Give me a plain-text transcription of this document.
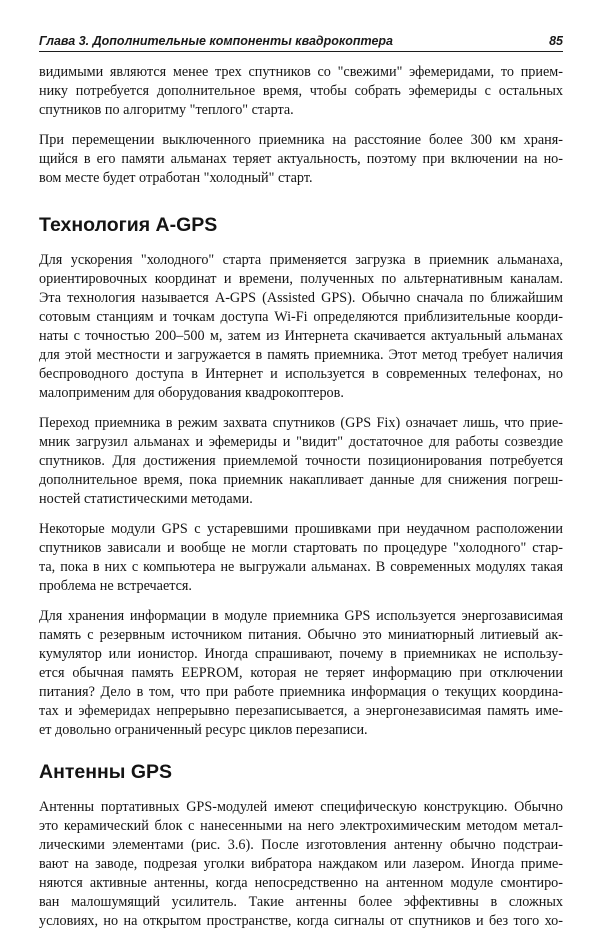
Глава 3. Дополнительные компоненты квадрокоптера	85

видимыми являются менее трех спутников со "свежими" эфемеридами, то прием-
нику потребуется дополнительное время, чтобы собрать эфемериды с остальных
спутников по алгоритму "теплого" старта.

При перемещении выключенного приемника на расстояние более 300 км храня-
щийся в его памяти альманах теряет актуальность, поэтому при включении на но-
вом месте будет отработан "холодный" старт.

Технология A-GPS

Для ускорения "холодного" старта применяется загрузка в приемник альманаха,
ориентировочных координат и времени, полученных по альтернативным каналам.
Эта технология называется A-GPS (Assisted GPS). Обычно сначала по ближайшим
сотовым станциям и точкам доступа Wi-Fi определяются приблизительные коорди-
наты с точностью 200–500 м, затем из Интернета скачивается актуальный альманах
для этой местности и загружается в память приемника. Этот метод требует наличия
беспроводного доступа в Интернет и используется в современных телефонах, но
малоприменим для оборудования квадрокоптеров.

Переход приемника в режим захвата спутников (GPS Fix) означает лишь, что прие-
мник загрузил альманах и эфемериды и "видит" достаточное для работы созвездие
спутников. Для достижения приемлемой точности позиционирования потребуется
дополнительное время, пока приемник накапливает данные для снижения погреш-
ностей статистическими методами.

Некоторые модули GPS с устаревшими прошивками при неудачном расположении
спутников зависали и вообще не могли стартовать по процедуре "холодного" стар-
та, пока в них с компьютера не выгружали альманах. В современных модулях такая
проблема не встречается.

Для хранения информации в модуле приемника GPS используется энергозависимая
память с резервным источником питания. Обычно это миниатюрный литиевый ак-
кумулятор или ионистор. Иногда спрашивают, почему в приемниках не использу-
ется обычная память EEPROM, которая не теряет информацию при отключении
питания? Дело в том, что при работе приемника информация о текущих координа-
тах и эфемеридах непрерывно перезаписывается, а энергонезависимая память име-
ет довольно ограниченный ресурс циклов перезаписи.

Антенны GPS

Антенны портативных GPS-модулей имеют специфическую конструкцию. Обычно
это керамический блок с нанесенными на него электрохимическим методом метал-
лическими элементами (рис. 3.6). После изготовления антенну обычно подстраи-
вают на заводе, подрезая уголки вибратора наждаком или лазером. Иногда приме-
няются активные антенны, когда непосредственно на антенном модуле смонтиро-
ван малошумящий усилитель. Такие антенны более эффективны в сложных
условиях, но на открытом пространстве, когда сигналы от спутников и без того хо-
